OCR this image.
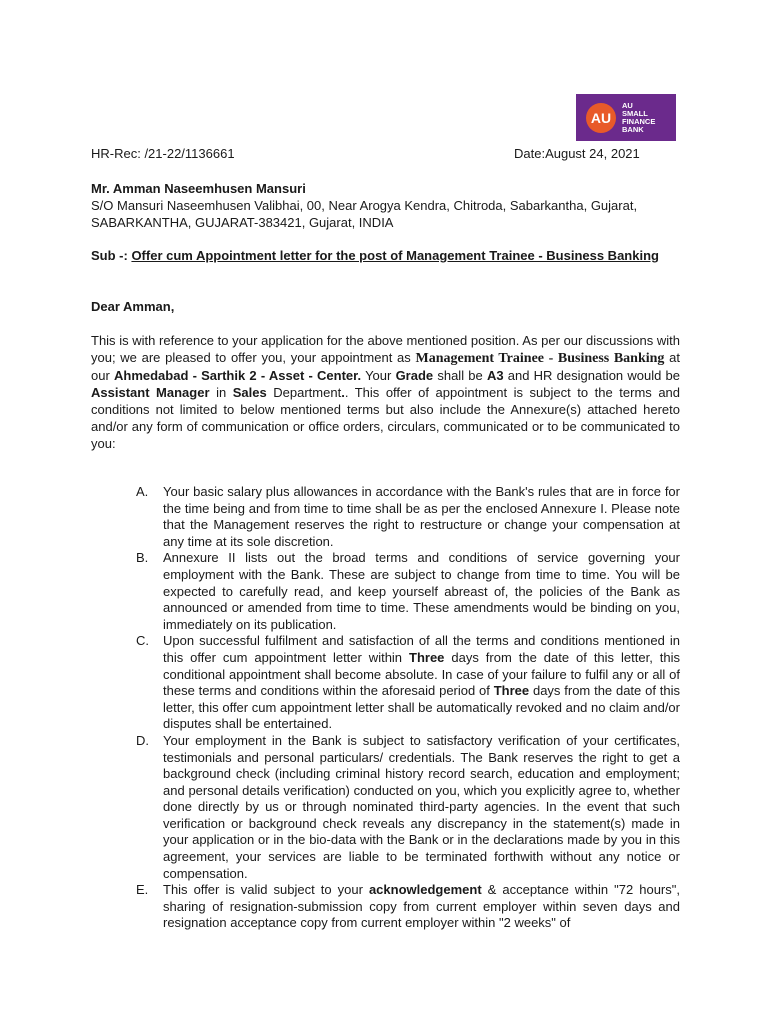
AU
AU
SMALL
FINANCE
BANK
HR-Rec: /21-22/1136661	Date:August 24, 2021
Mr. Amman Naseemhusen Mansuri
S/O Mansuri Naseemhusen Valibhai, 00, Near Arogya Kendra, Chitroda, Sabarkantha, Gujarat, SABARKANTHA, GUJARAT-383421, Gujarat, INDIA
Sub -: Offer cum Appointment letter for the post of Management Trainee - Business Banking
Dear Amman,
This is with reference to your application for the above mentioned position. As per our discussions with you; we are pleased to offer you, your appointment as Management Trainee - Business Banking at our Ahmedabad - Sarthik 2 - Asset - Center. Your Grade shall be A3 and HR designation would be Assistant Manager in Sales Department.. This offer of appointment is subject to the terms and conditions not limited to below mentioned terms but also include the Annexure(s) attached hereto and/or any form of communication or office orders, circulars, communicated or to be communicated to you:
A. Your basic salary plus allowances in accordance with the Bank's rules that are in force for the time being and from time to time shall be as per the enclosed Annexure I. Please note that the Management reserves the right to restructure or change your compensation at any time at its sole discretion.
B. Annexure II lists out the broad terms and conditions of service governing your employment with the Bank. These are subject to change from time to time. You will be expected to carefully read, and keep yourself abreast of, the policies of the Bank as announced or amended from time to time. These amendments would be binding on you, immediately on its publication.
C. Upon successful fulfilment and satisfaction of all the terms and conditions mentioned in this offer cum appointment letter within Three days from the date of this letter, this conditional appointment shall become absolute. In case of your failure to fulfil any or all of these terms and conditions within the aforesaid period of Three days from the date of this letter, this offer cum appointment letter shall be automatically revoked and no claim and/or disputes shall be entertained.
D. Your employment in the Bank is subject to satisfactory verification of your certificates, testimonials and personal particulars/ credentials. The Bank reserves the right to get a background check (including criminal history record search, education and employment; and personal details verification) conducted on you, which you explicitly agree to, whether done directly by us or through nominated third-party agencies. In the event that such verification or background check reveals any discrepancy in the statement(s) made in your application or in the bio-data with the Bank or in the declarations made by you in this agreement, your services are liable to be terminated forthwith without any notice or compensation.
E. This offer is valid subject to your acknowledgement & acceptance within "72 hours", sharing of resignation-submission copy from current employer within seven days and resignation acceptance copy from current employer within "2 weeks" of
